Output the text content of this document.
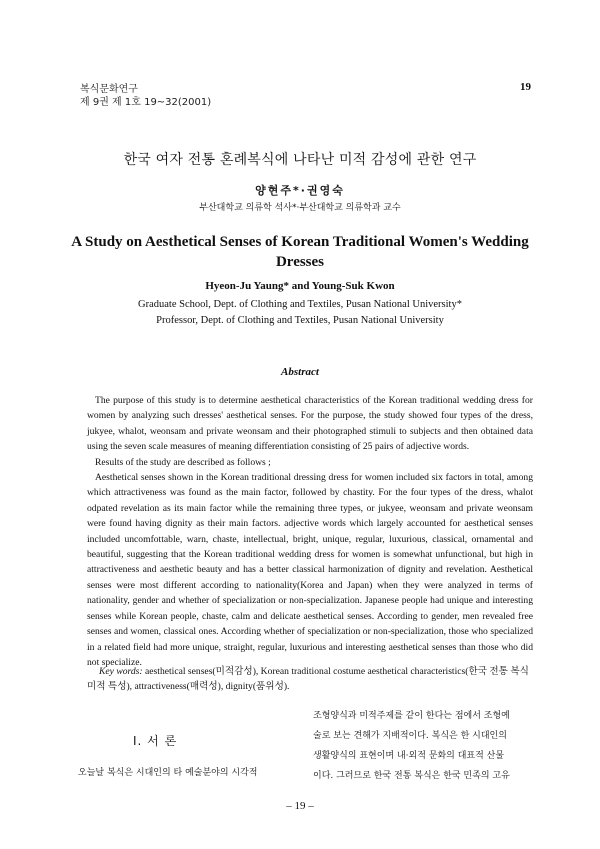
복식문화연구
제 9권 제 1호 19~32(2001)
19
한국 여자 전통 혼례복식에 나타난 미적 감성에 관한 연구
양현주*·권영숙
부산대학교 의류학 석사*·부산대학교 의류학과 교수
A Study on Aesthetical Senses of Korean Traditional Women's Wedding Dresses
Hyeon-Ju Yaung* and Young-Suk Kwon
Graduate School, Dept. of Clothing and Textiles, Pusan National University*
Professor, Dept. of Clothing and Textiles, Pusan National University
Abstract

The purpose of this study is to determine aesthetical characteristics of the Korean traditional wedding dress for women by analyzing such dresses' aesthetical senses. For the purpose, the study showed four types of the dress, jukyee, whalot, weonsam and private weonsam and their photographed stimuli to subjects and then obtained data using the seven scale measures of meaning differentiation consisting of 25 pairs of adjective words.

Results of the study are described as follows ;

Aesthetical senses shown in the Korean traditional dressing dress for women included six factors in total, among which attractiveness was found as the main factor, followed by chastity. For the four types of the dress, whalot odpated revelation as its main factor while the remaining three types, or jukyee, weonsam and private weonsam were found having dignity as their main factors. adjective words which largely accounted for aesthetical senses included uncomfottable, warn, chaste, intellectual, bright, unique, regular, luxurious, classical, ornamental and beautiful, suggesting that the Korean traditional wedding dress for women is somewhat unfunctional, but high in attractiveness and aesthetic beauty and has a better classical harmonization of dignity and revelation. Aesthetical senses were most different according to nationality(Korea and Japan) when they were analyzed in terms of nationality, gender and whether of specialization or non-specialization. Japanese people had unique and interesting senses while Korean people, chaste, calm and delicate aesthetical senses. According to gender, men revealed free senses and women, classical ones. According whether of specialization or non-specialization, those who specialized in a related field had more unique, straight, regular, luxurious and interesting aesthetical senses than those who did not specialize.

Key words: aesthetical senses(미적감성), Korean traditional costume aesthetical characteristics(한국 전통 복식 미적 특성), attractiveness(매력성), dignity(품위성).
I. 서 론
오늘날 복식은 시대인의 타 예술분야의 시각적
조형양식과 미적주제를 같이 한다는 점에서 조형예
술로 보는 견해가 지배적이다. 복식은 한 시대인의
생활양식의 표현이며 내·외적 문화의 대표적 산물
이다. 그러므로 한국 전통 복식은 한국 민족의 고유
– 19 –
